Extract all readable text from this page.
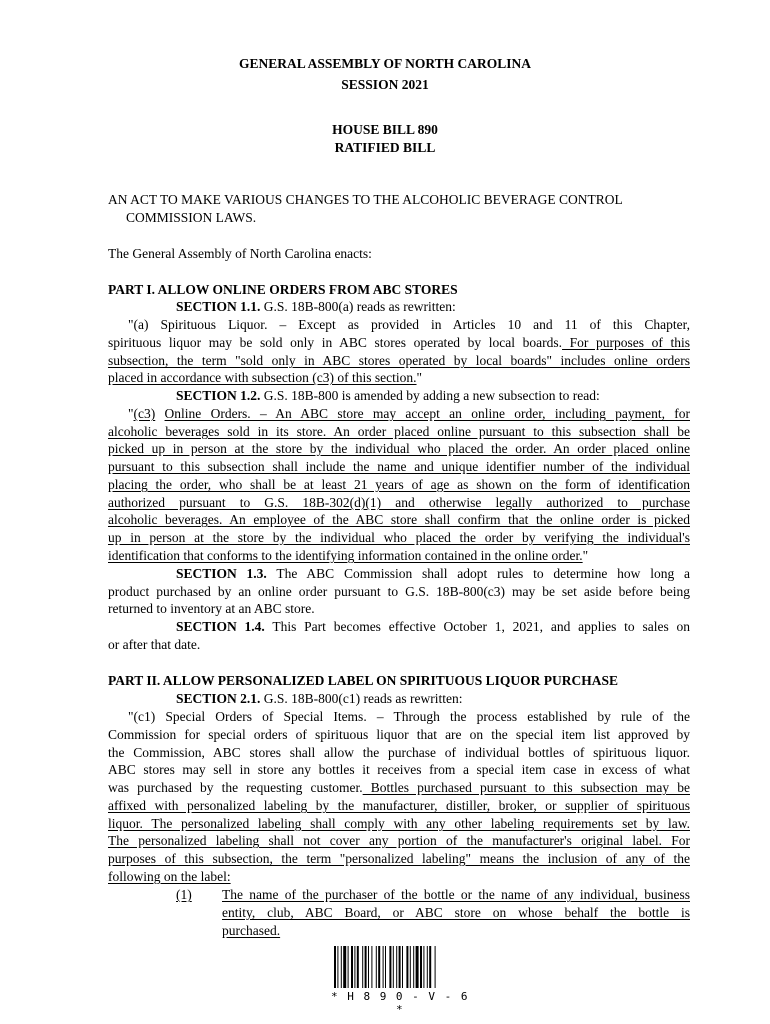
GENERAL ASSEMBLY OF NORTH CAROLINA
SESSION 2021
HOUSE BILL 890
RATIFIED BILL
AN ACT TO MAKE VARIOUS CHANGES TO THE ALCOHOLIC BEVERAGE CONTROL
COMMISSION LAWS.
The General Assembly of North Carolina enacts:
PART I. ALLOW ONLINE ORDERS FROM ABC STORES
SECTION 1.1. G.S. 18B-800(a) reads as rewritten:
"(a) Spirituous Liquor. – Except as provided in Articles 10 and 11 of this Chapter,
spirituous liquor may be sold only in ABC stores operated by local boards. For purposes of this
subsection, the term "sold only in ABC stores operated by local boards" includes online orders
placed in accordance with subsection (c3) of this section."
SECTION 1.2. G.S. 18B-800 is amended by adding a new subsection to read:
"(c3) Online Orders. – An ABC store may accept an online order, including payment, for
alcoholic beverages sold in its store. An order placed online pursuant to this subsection shall be
picked up in person at the store by the individual who placed the order. An order placed online
pursuant to this subsection shall include the name and unique identifier number of the individual
placing the order, who shall be at least 21 years of age as shown on the form of identification
authorized pursuant to G.S. 18B-302(d)(1) and otherwise legally authorized to purchase
alcoholic beverages. An employee of the ABC store shall confirm that the online order is picked
up in person at the store by the individual who placed the order by verifying the individual's
identification that conforms to the identifying information contained in the online order."
SECTION 1.3. The ABC Commission shall adopt rules to determine how long a
product purchased by an online order pursuant to G.S. 18B-800(c3) may be set aside before being
returned to inventory at an ABC store.
SECTION 1.4. This Part becomes effective October 1, 2021, and applies to sales on
or after that date.
PART II. ALLOW PERSONALIZED LABEL ON SPIRITUOUS LIQUOR PURCHASE
SECTION 2.1. G.S. 18B-800(c1) reads as rewritten:
"(c1) Special Orders of Special Items. – Through the process established by rule of the
Commission for special orders of spirituous liquor that are on the special item list approved by
the Commission, ABC stores shall allow the purchase of individual bottles of spirituous liquor.
ABC stores may sell in store any bottles it receives from a special item case in excess of what
was purchased by the requesting customer. Bottles purchased pursuant to this subsection may be
affixed with personalized labeling by the manufacturer, distiller, broker, or supplier of spirituous
liquor. The personalized labeling shall comply with any other labeling requirements set by law.
The personalized labeling shall not cover any portion of the manufacturer's original label. For
purposes of this subsection, the term "personalized labeling" means the inclusion of any of the
following on the label:
(1)	The name of the purchaser of the bottle or the name of any individual, business
entity, club, ABC Board, or ABC store on whose behalf the bottle is
purchased.
* H 8 9 0 - V - 6 *
